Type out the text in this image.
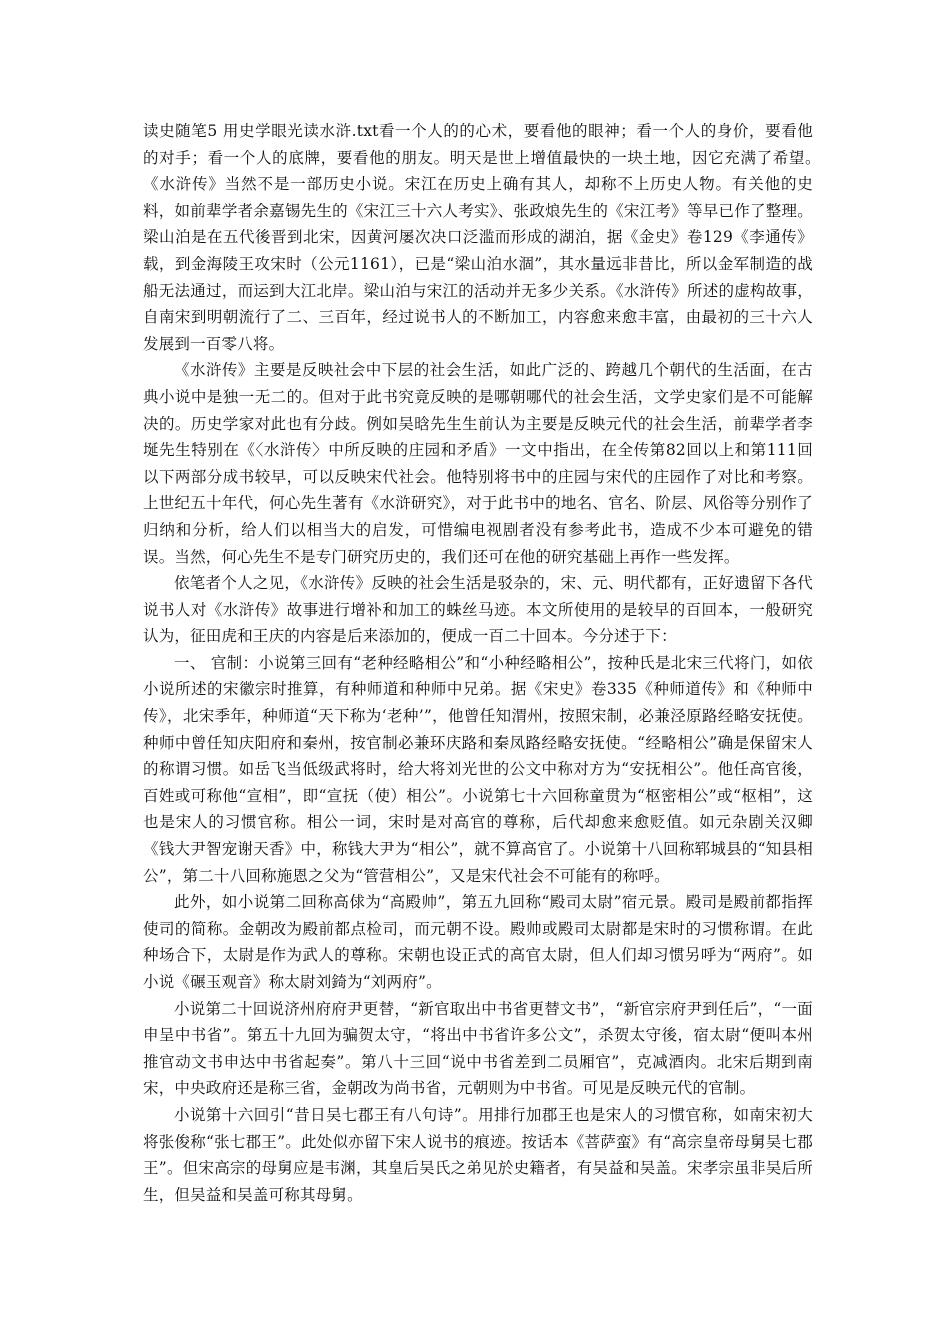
读史随笔5 用史学眼光读水浒.txt看一个人的的心术，要看他的眼神；看一个人的身价，要看他的对手；看一个人的底牌，要看他的朋友。明天是世上增值最快的一块土地，因它充满了希望。　　《水浒传》当然不是一部历史小说。宋江在历史上确有其人，却称不上历史人物。有关他的史料，如前辈学者余嘉锡先生的《宋江三十六人考实》、张政烺先生的《宋江考》等早已作了整理。梁山泊是在五代後晋到北宋，因黄河屡次决口泛滥而形成的湖泊，据《金史》卷129《李通传》载，到金海陵王攻宋时（公元1161），已是“梁山泊水涸”，其水量远非昔比，所以金军制造的战船无法通过，而运到大江北岸。梁山泊与宋江的活动并无多少关系。《水浒传》所述的虚构故事，自南宋到明朝流行了二、三百年，经过说书人的不断加工，内容愈来愈丰富，由最初的三十六人发展到一百零八将。

《水浒传》主要是反映社会中下层的社会生活，如此广泛的、跨越几个朝代的生活面，在古典小说中是独一无二的。但对于此书究竟反映的是哪朝哪代的社会生活，文学史家们是不可能解决的。历史学家对此也有分歧。例如吴晗先生生前认为主要是反映元代的社会生活，前辈学者李埏先生特别在《〈水浒传〉中所反映的庄园和矛盾》一文中指出，在全传第82回以上和第111回以下两部分成书较早，可以反映宋代社会。他特别将书中的庄园与宋代的庄园作了对比和考察。上世纪五十年代，何心先生著有《水浒研究》，对于此书中的地名、官名、阶层、风俗等分别作了归纳和分析，给人们以相当大的启发，可惜编电视剧者没有参考此书，造成不少本可避免的错误。当然，何心先生不是专门研究历史的，我们还可在他的研究基础上再作一些发挥。

依笔者个人之见，《水浒传》反映的社会生活是驳杂的，宋、元、明代都有，正好遗留下各代说书人对《水浒传》故事进行增补和加工的蛛丝马迹。本文所使用的是较早的百回本，一般研究认为，征田虎和王庆的内容是后来添加的，便成一百二十回本。今分述于下：

一、 官制：小说第三回有“老种经略相公”和“小种经略相公”，按种氏是北宋三代将门，如依小说所述的宋徽宗时推算，有种师道和种师中兄弟。据《宋史》卷335《种师道传》和《种师中传》，北宋季年，种师道“天下称为‘老种’”，他曾任知渭州，按照宋制，必兼泾原路经略安抚使。种师中曾任知庆阳府和秦州，按官制必兼环庆路和秦凤路经略安抚使。“经略相公”确是保留宋人的称谓习惯。如岳飞当低级武将时，给大将刘光世的公文中称对方为“安抚相公”。他任高官後，百姓或可称他“宣相”，即“宣抚（使）相公”。小说第七十六回称童贯为“枢密相公”或“枢相”，这也是宋人的习惯官称。相公一词，宋时是对高官的尊称，后代却愈来愈贬值。如元杂剧关汉卿《钱大尹智宠谢天香》中，称钱大尹为“相公”，就不算高官了。小说第十八回称郓城县的“知县相公”，第二十八回称施恩之父为“管营相公”，又是宋代社会不可能有的称呼。

此外，如小说第二回称高俅为“高殿帅”，第五九回称“殿司太尉”宿元景。殿司是殿前都指挥使司的简称。金朝改为殿前都点检司，而元朝不设。殿帅或殿司太尉都是宋时的习惯称谓。在此种场合下，太尉是作为武人的尊称。宋朝也设正式的高官太尉，但人们却习惯另呼为“两府”。如小说《碾玉观音》称太尉刘錡为“刘两府”。

小说第二十回说济州府府尹更替，“新官取出中书省更替文书”，“新官宗府尹到任后”，“一面申呈中书省”。第五十九回为骗贺太守，“将出中书省许多公文”，杀贺太守後，宿太尉“便叫本州推官动文书申达中书省起奏”。第八十三回“说中书省差到二员厢官”，克减酒肉。北宋后期到南宋，中央政府还是称三省，金朝改为尚书省，元朝则为中书省。可见是反映元代的官制。

小说第十六回引“昔日吴七郡王有八句诗”。用排行加郡王也是宋人的习惯官称，如南宋初大将张俊称“张七郡王”。此处似亦留下宋人说书的痕迹。按话本《菩萨蛮》有“高宗皇帝母舅吴七郡王”。但宋高宗的母舅应是韦渊，其皇后吴氏之弟见於史籍者，有吴益和吴盖。宋孝宗虽非吴后所生，但吴益和吴盖可称其母舅。
